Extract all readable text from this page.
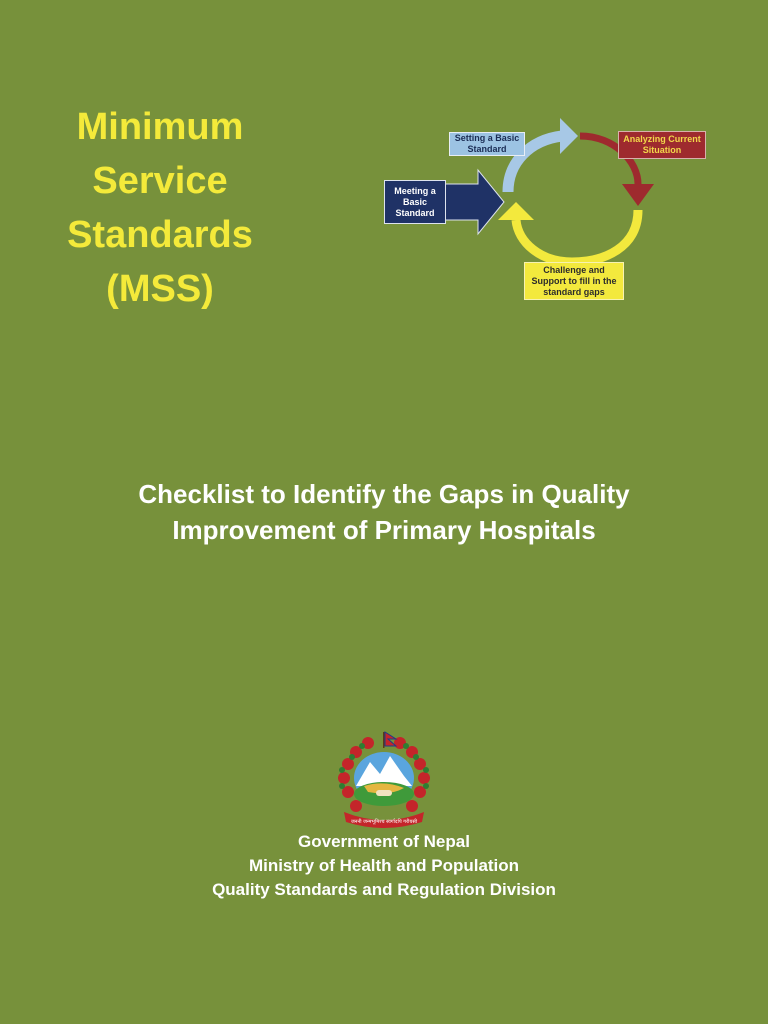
Minimum
Service
Standards
(MSS)
Setting a Basic
Standard
Analyzing Current
Situation
Meeting a
Basic
Standard
Challenge and
Support to fill in the
standard gaps
Checklist to Identify the Gaps in Quality
Improvement of Primary Hospitals
जननी जन्मभूमिश्च स्वर्गादपि गरीयसी
Government of Nepal
Ministry of Health and Population
Quality Standards and Regulation Division
